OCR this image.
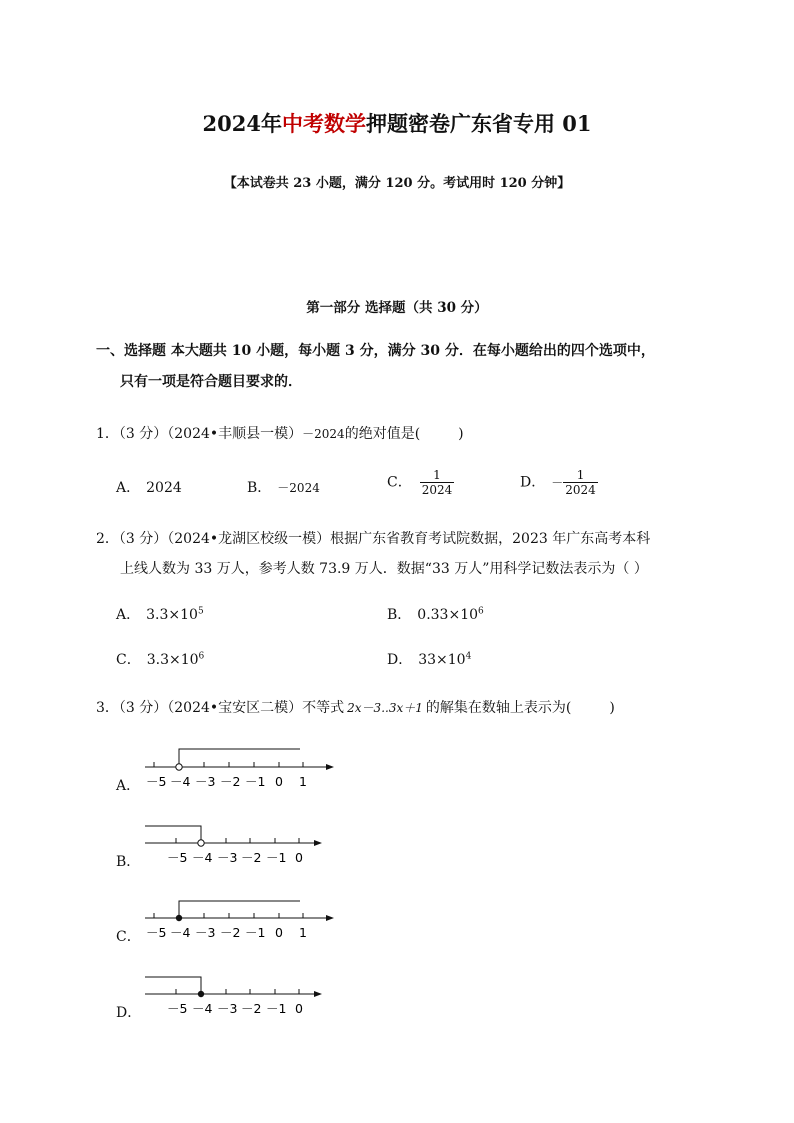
2024年中考数学押题密卷广东省专用 01
【本试卷共 23 小题，满分 120 分。考试用时 120 分钟】
第一部分 选择题（共 30 分）
一、选择题 本大题共 10 小题，每小题 3 分，满分 30 分．在每小题给出的四个选项中，
只有一项是符合题目要求的．
1．（3 分）（2024•丰顺县一模）－2024的绝对值是(	)
A． 2024	B． －2024	C． $\frac{1}{2024}$	D． － $\frac{1}{2024}$
2．（3 分）（2024•龙湖区校级一模）根据广东省教育考试院数据，2023 年广东高考本科
上线人数为 33 万人，参考人数 73.9 万人．数据“33 万人”用科学记数法表示为（ ）
A． $3.3\times 10^5$	B． $0.33\times 10^6$
C． $3.3\times 10^6$	D． $33\times 10^4$
3．（3 分）（2024•宝安区二模）不等式 2x－3..3x＋1 的解集在数轴上表示为(	)
A． －5 －4 －3 －2 －1 0 1
－5 －4 －3 －2 －1 0
－5 －4 －3 －2 －1 0 1
－5 －4 －3 －2 －1 0
B．
C．
D．
